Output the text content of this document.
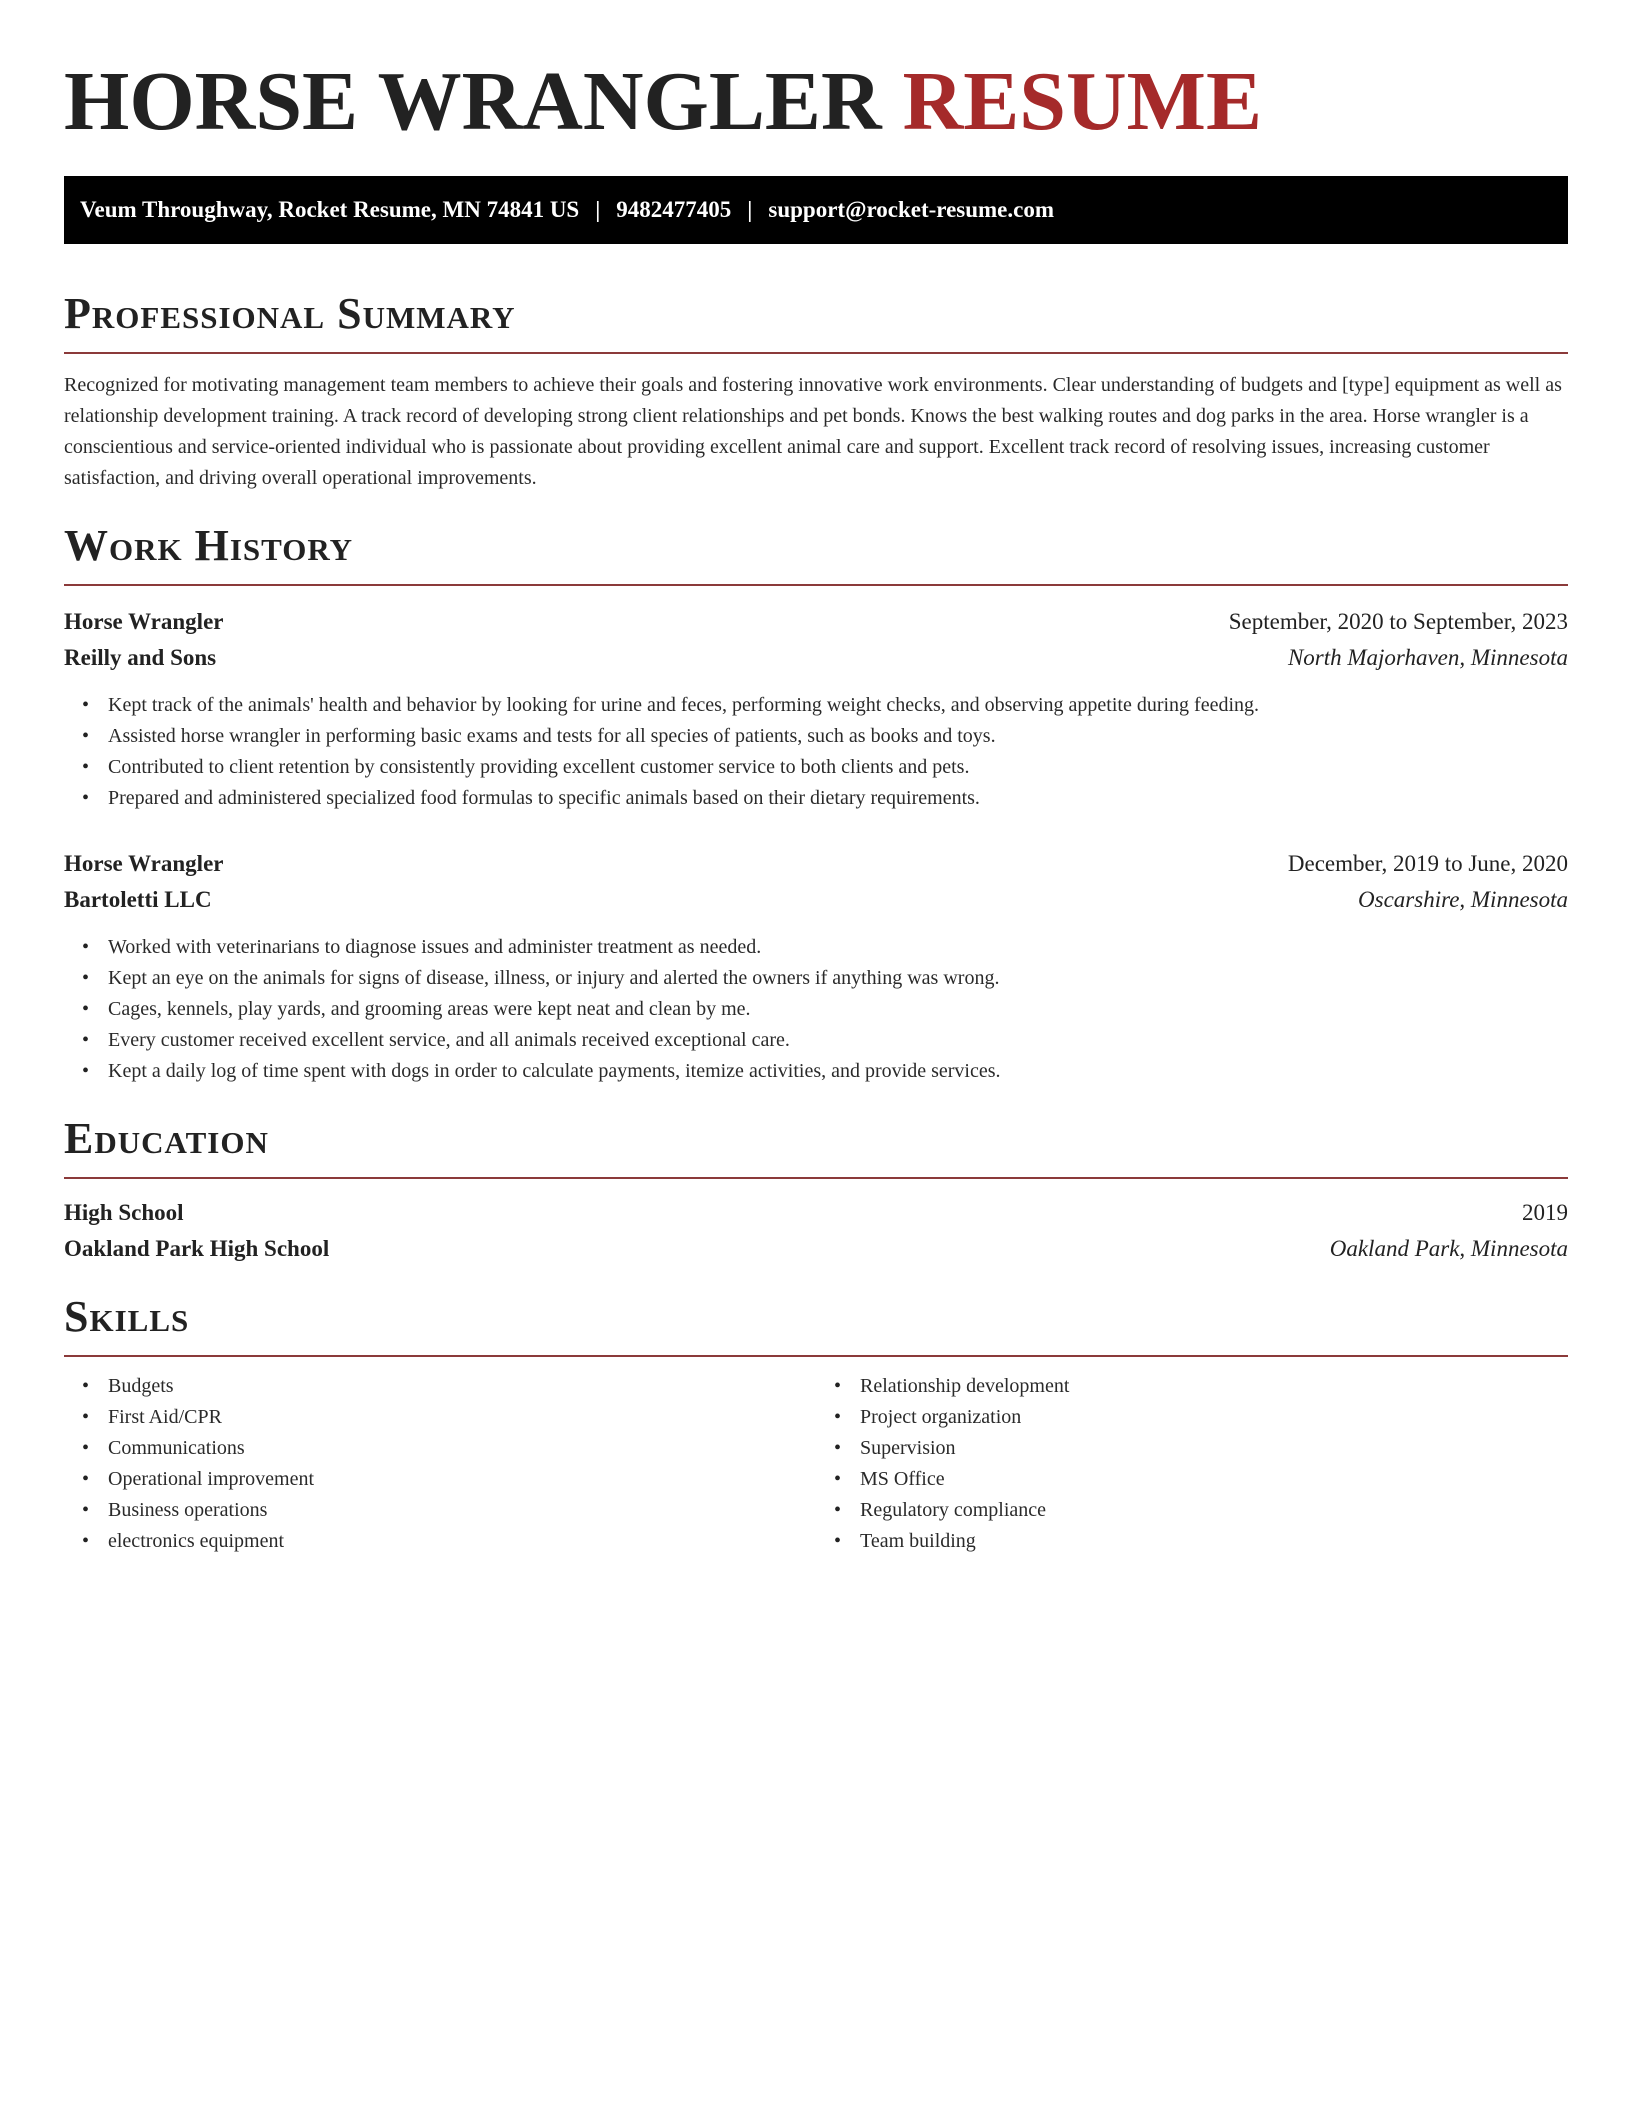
HORSE WRANGLER RESUME
Veum Throughway, Rocket Resume, MN 74841 US | 9482477405 | support@rocket-resume.com
Professional Summary

Recognized for motivating management team members to achieve their goals and fostering innovative work environments. Clear understanding of budgets and [type] equipment as well as relationship development training. A track record of developing strong client relationships and pet bonds. Knows the best walking routes and dog parks in the area. Horse wrangler is a conscientious and service-oriented individual who is passionate about providing excellent animal care and support. Excellent track record of resolving issues, increasing customer satisfaction, and driving overall operational improvements.

Work History
Horse Wrangler	September, 2020 to September, 2023
Reilly and Sons	North Majorhaven, Minnesota
• Kept track of the animals' health and behavior by looking for urine and feces, performing weight checks, and observing appetite during feeding.
• Assisted horse wrangler in performing basic exams and tests for all species of patients, such as books and toys.
• Contributed to client retention by consistently providing excellent customer service to both clients and pets.
• Prepared and administered specialized food formulas to specific animals based on their dietary requirements.
Horse Wrangler	December, 2019 to June, 2020
Bartoletti LLC	Oscarshire, Minnesota
• Worked with veterinarians to diagnose issues and administer treatment as needed.
• Kept an eye on the animals for signs of disease, illness, or injury and alerted the owners if anything was wrong.
• Cages, kennels, play yards, and grooming areas were kept neat and clean by me.
• Every customer received excellent service, and all animals received exceptional care.
• Kept a daily log of time spent with dogs in order to calculate payments, itemize activities, and provide services.
Education
High School	2019
Oakland Park High School	Oakland Park, Minnesota
Skills
• Budgets
• First Aid/CPR
• Communications
• Operational improvement
• Business operations
• electronics equipment
• Relationship development
• Project organization
• Supervision
• MS Office
• Regulatory compliance
• Team building
